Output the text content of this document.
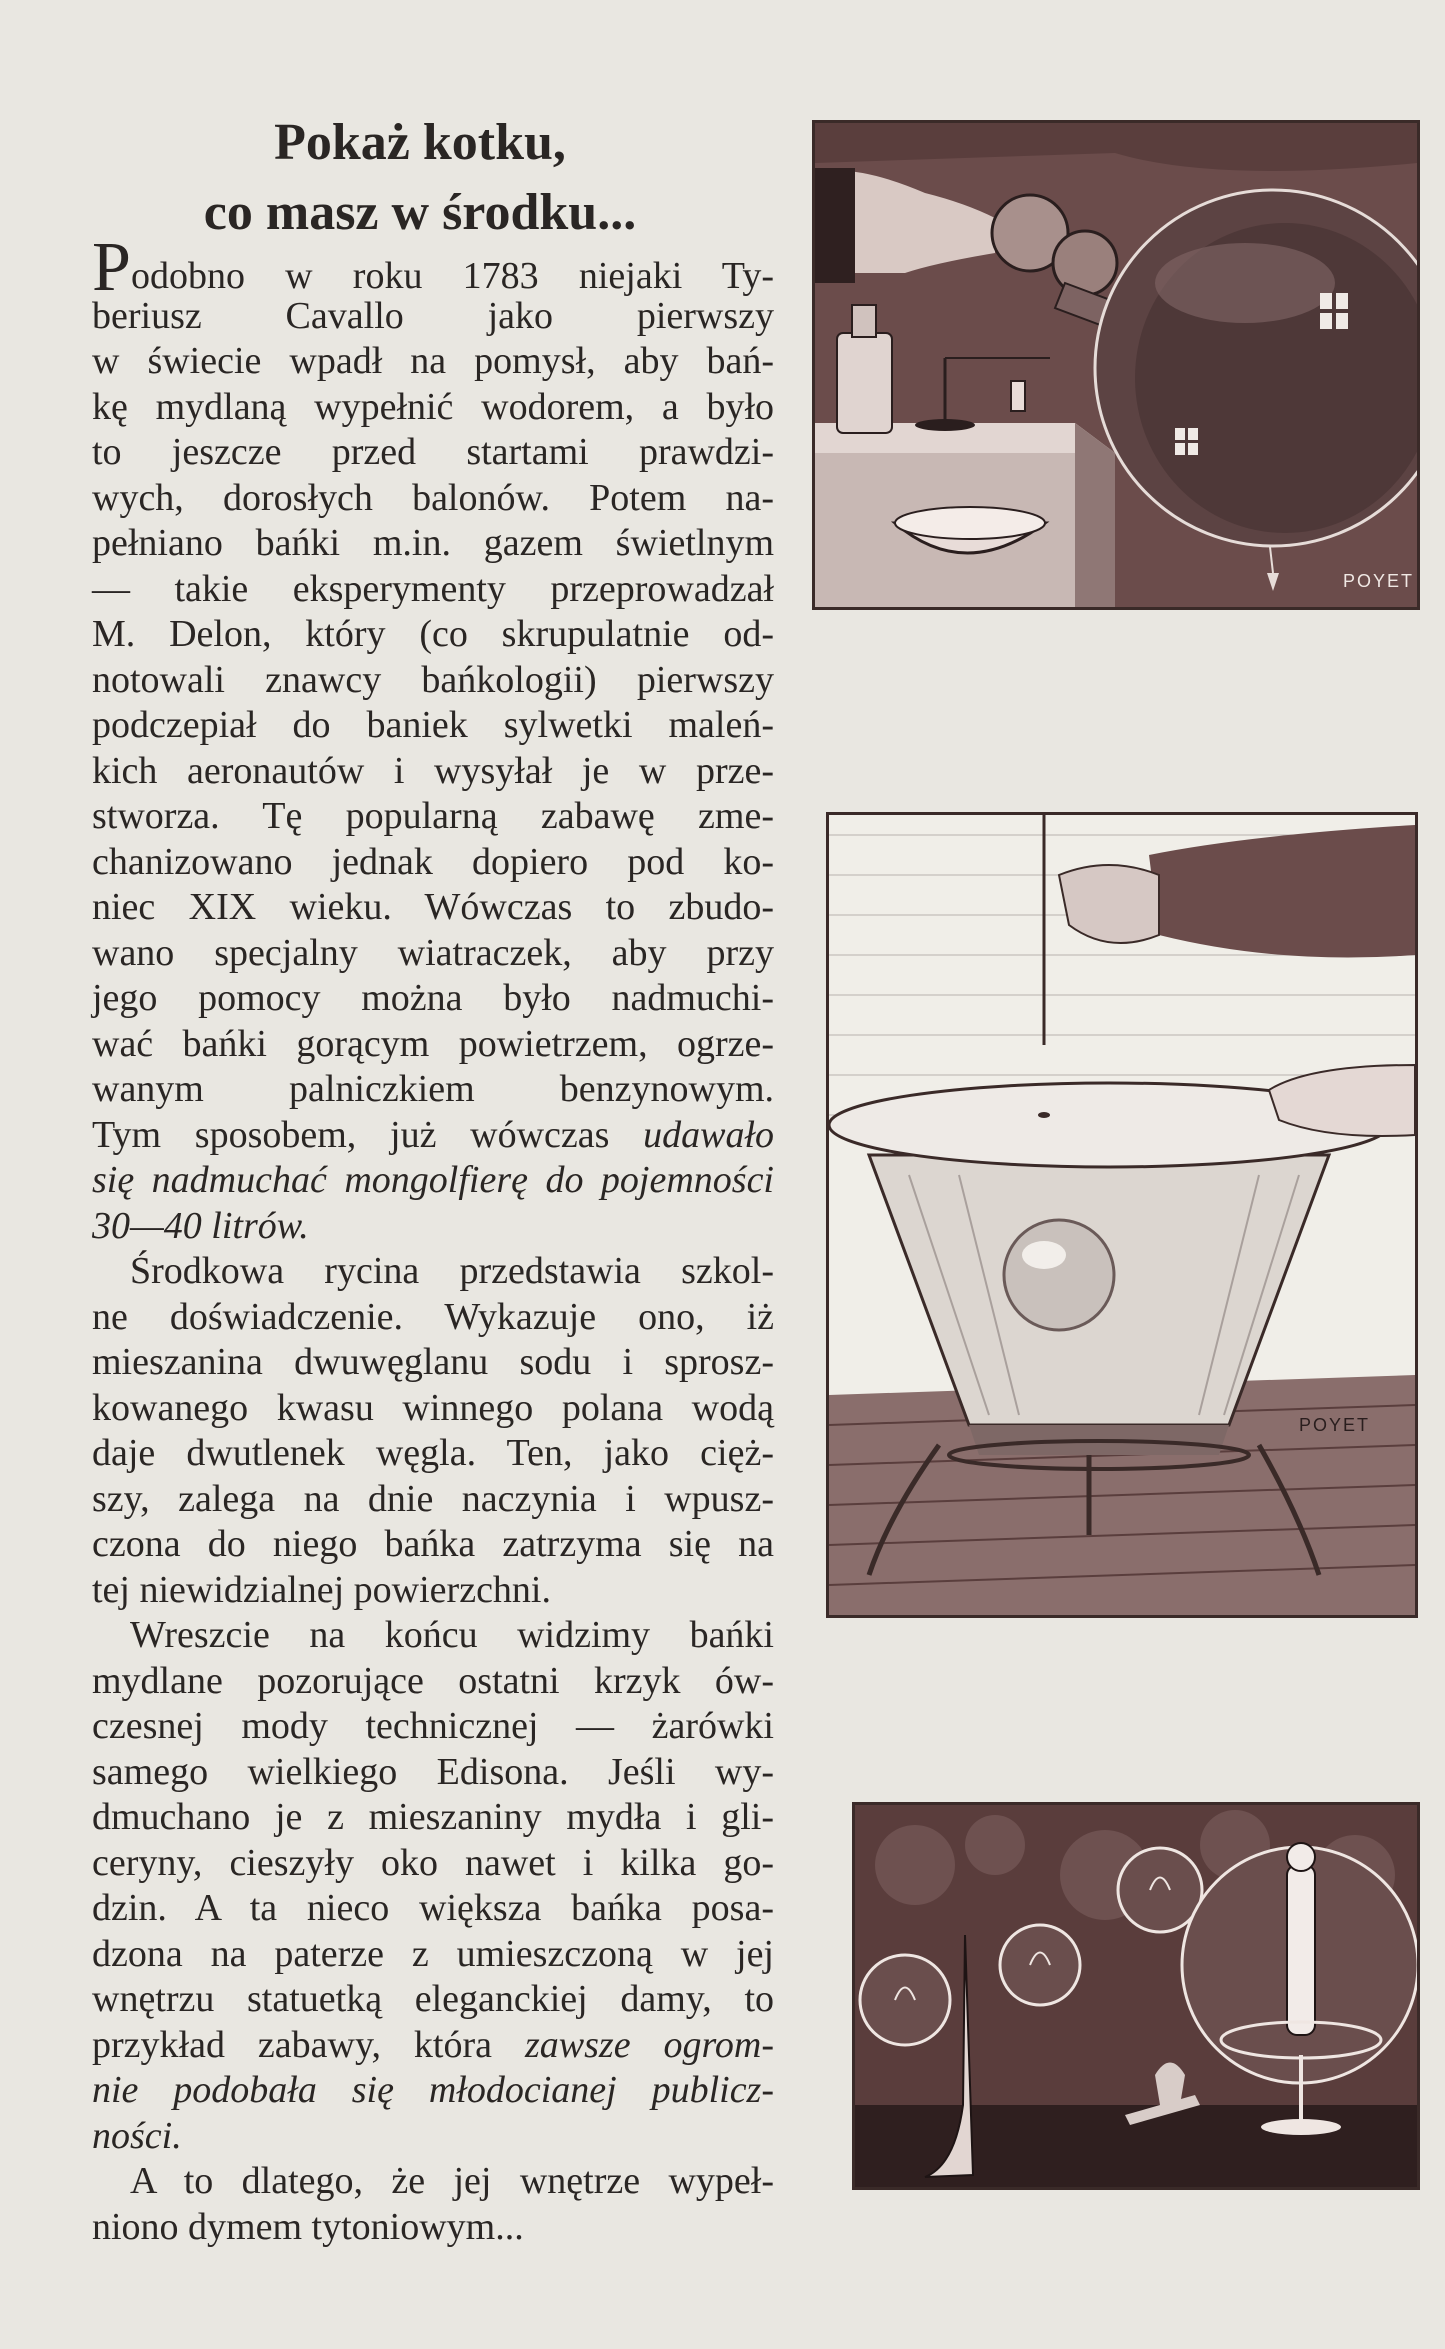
Pokaż kotku,
co masz w środku...

Podobno w roku 1783 niejaki Ty-
beriusz Cavallo jako pierwszy
w świecie wpadł na pomysł, aby bań-
kę mydlaną wypełnić wodorem, a było
to jeszcze przed startami prawdzi-
wych, dorosłych balonów. Potem na-
pełniano bańki m.in. gazem świetlnym
— takie eksperymenty przeprowadzał
M. Delon, który (co skrupulatnie od-
notowali znawcy bańkologii) pierwszy
podczepiał do baniek sylwetki maleń-
kich aeronautów i wysyłał je w prze-
stworza. Tę popularną zabawę zme-
chanizowano jednak dopiero pod ko-
niec XIX wieku. Wówczas to zbudo-
wano specjalny wiatraczek, aby przy
jego pomocy można było nadmuchi-
wać bańki gorącym powietrzem, ogrze-
wanym palniczkiem benzynowym.
Tym sposobem, już wówczas udawało
się nadmuchać mongolfierę do pojemności
30—40 litrów.

Środkowa rycina przedstawia szkol-
ne doświadczenie. Wykazuje ono, iż
mieszanina dwuwęglanu sodu i sprosz-
kowanego kwasu winnego polana wodą
daje dwutlenek węgla. Ten, jako cięż-
szy, zalega na dnie naczynia i wpusz-
czona do niego bańka zatrzyma się na
tej niewidzialnej powierzchni.

Wreszcie na końcu widzimy bańki
mydlane pozorujące ostatni krzyk ów-
czesnej mody technicznej — żarówki
samego wielkiego Edisona. Jeśli wy-
dmuchano je z mieszaniny mydła i gli-
ceryny, cieszyły oko nawet i kilka go-
dzin. A ta nieco większa bańka posa-
dzona na paterze z umieszczoną w jej
wnętrzu statuetką eleganckiej damy, to
przykład zabawy, która zawsze ogrom-
nie podobała się młodocianej publicz-
ności.

A to dlatego, że jej wnętrze wypeł-
niono dymem tytoniowym...

POYET
POYET
